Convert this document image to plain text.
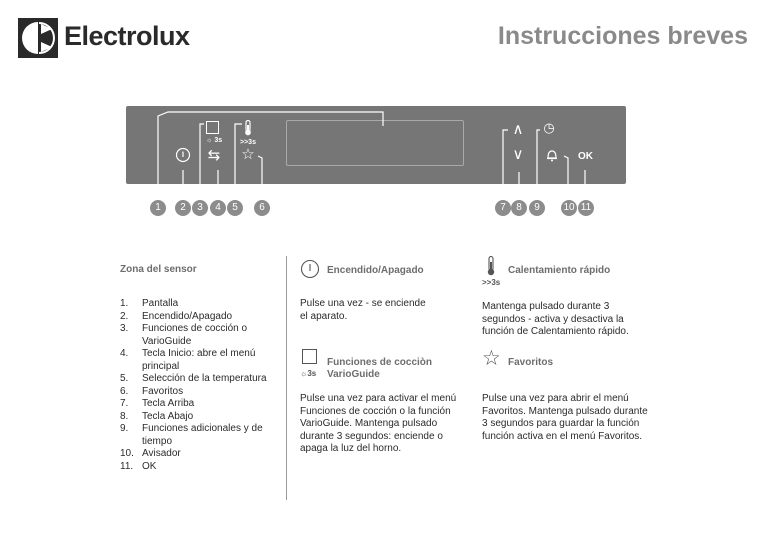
Electrolux	Instrucciones breves
☼ 3s
⇆
>>3s
☆
∧
∨
◷
OK
1	2	3	4	5	6	7	8	9	10 11
Zona del sensor
1. Pantalla
2. Encendido/Apagado
3. Funciones de cocción o VarioGuide
4. Tecla Inicio: abre el menú principal
5. Selección de la temperatura
6. Favoritos
7. Tecla Arriba
8. Tecla Abajo
9. Funciones adicionales y de tiempo
10. Avisador
11. OK
Encendido/Apagado
Pulse una vez - se enciende el aparato.
☼3s
Funciones de cocciòn VarioGuide
Pulse una vez para activar el menú Funciones de cocción o la función VarioGuide. Mantenga pulsado durante 3 segundos: enciende o apaga la luz del horno.
>>3s
Calentamiento rápido
Mantenga pulsado durante 3 segundos - activa y desactiva la función de Calentamiento rápido.
☆ Favoritos
Pulse una vez para abrir el menú Favoritos. Mantenga pulsado durante 3 segundos para guardar la función función activa en el menú Favoritos.
